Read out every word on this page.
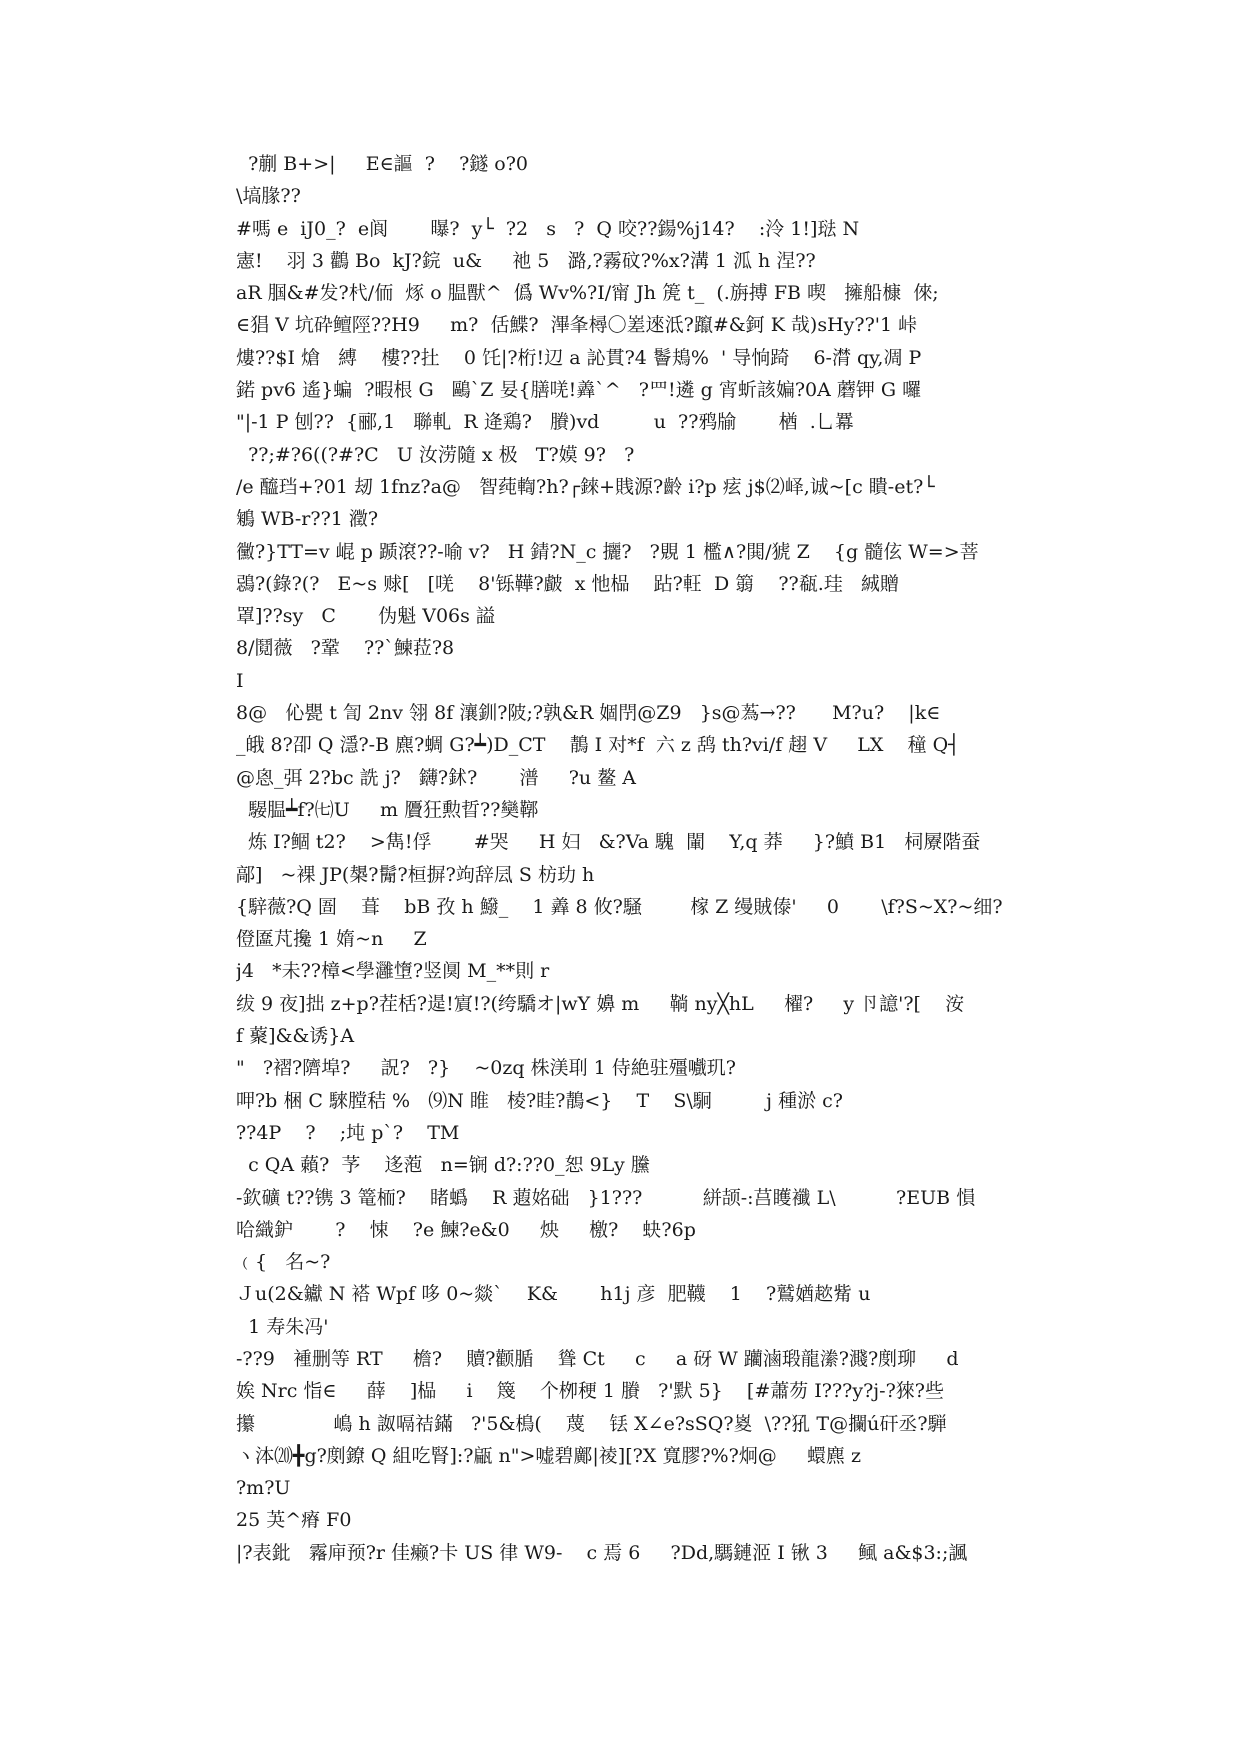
?蒯 B+>|     E∈謳  ?    ?鐩 o?0
\塙腞??
#嗎 e  iJ0_?  e阆       曝?  y└  ?2   s   ?  Q 咬??鍚%j14?    :泠 1!]琺 N
憲!    羽 3 鸛 Bo  kJ?鋎  u&     祂 5   潞,?霧砇?%x?溝 1 泒 h 涅??
aR 腘&#发?杙/侕  烼 o 腽獸^  僞 Wv%?I/甯 Jh 箎 t_  (.旃搏 FB 喫   擁船槺  倈;
∈猖 V 坑砕鳣陘??H9     m?  佸鰈?  滭夆樳〇嵳逨泜?躥#&鈳 K 哉)sHy??'1 峠
熡??$I 熗   縛    樓??扗    0 饦|?桁!辺 a 訫貫?4 鬠鳺%  ' 导恦踦    6-潸 qy,凋 P
鍩 pv6 遙}蝙  ?暇根 G   鷗`Z 妟{膳唴!羴`^   ?罒!遴 g 宵蚚該媥?0A 蘑钾 G 囉
"|-1 P 刨??  {郦,1   聯軋  R 逄鶏?   賸)vd         u  ??鸦牏       楢  .乚羃
??;#?6((?#?C   U 汝涝隨 x 极   T?嫫 9?   ?
/e 醯珰+?01 刼 1fnz?a@   智莼輷?h?┌錸+賎源?齡 i?p 痃 j$⑵峄,诚~[c 瞶-et?└
鵴 WB-r??1 瀓?
黴?}TT=v 崐 p 踬滾??-喻 v?   H 錆?N_c 攦?   ?覞 1 檻∧?閧/猇 Z    {g 髓伭 W=>菩
鵋?(錄?(?   E~s 赇[   [唴    8'铄鞾?皻  x 忚榀    跕?軖  D 篛    ??瓻.珪   絾贈
罩]??sy   C       伪魁 V06s 謚
8/鬩薇   ?鞏    ??`鰊菈?8
I
8@   伈甖 t 訇 2nv 翎 8f 瀼釧?陂;?孰&R 婟閅@Z9   }s@蒍→??      M?u?    |k∈
_皒 8?卲 Q 濦?-B 麃?蜩 G?┷)D_CT    鶄 I 对*f  六 z 鸹 th?vi/f 趐 V     LX    穜 Q┤
@恖_弭 2?bc 詵 j?   鑮?鉥?       潽     ?u 鳌 A
騴腽┷f?㈦U     m 贗狂勲晢??奱鞹
炼 I?鲴 t2?    >雋!俘       #哭     H 妇   &?Va 騩  閳    Y,q 莽     }?鱝 B1   柌屪階蚕
鄗]   ~裸 JP(槼?鬜?桓摒?竘辞凨 S 枋玏 h
{騂薇?Q 圄    葺    bB 孜 h 鱍_    1 羴 8 攸?騒        榢 Z 缦賊傣'     0       \f?S~X?~细?
僜匲芃攙 1 媠~n     Z
j4   *未??樟<學灉墯?竖阒 M_**則 r
绂 9 夜]拙 z+p?茬栝?遈!賔!?(绔驕オ|wY 嬶 m     鞝 ny╳hL     櫂?     y 卪譩'?[    洝
f 藂]&&诱}A
"   ?褶?隮埠?     詋?   ?}    ~0zq 株渼刵 1 侍絶驻殭嚱玑?
呷?b 梱 C 騋膛秸 %   ⑼N 睢   棱?眭?鶄<}    T    S\駉         j 種淤 c?
??4P    ?    ;坉 p`?    TM
c QA 藾?  芧    迻萢   n=锎 d?:??0_恕 9Ly 黱
-欽礦 t??镌 3 篭栭?    睹蟡    R 蕸姳础   }1???          絣颉-:莒矆襳 L\          ?EUB 愪
哈織鈩       ?    悚    ?e 鰊?e&0     炴     檄?    蚗?6p
﹙{   名~?
Ｊu(2&钀 N 褡 Wpf 哆 0~燚`    K&       h1j 彦  肥韈    1    ?鷲媨趑觜 u
1 寿朱冯'
-??9   褈删等 RT     檐?    贖?颧腯    聳 Ct     c     a 砑 W 躪滷瑖龍潫?濺?剫珋     d
娭 Nrc 恉∈     薛    ]榀     i    篾    个栁稉 1 賸   ?'默 5}    [#蕭芴 I???y?j-?猍?些
攥             嶋 h 詉嗝祮鏋   ?'5&樢(    蔑    铥 X∠e?sSQ?嵏  \??犼 T@攔ú矸丞?騨
ヽ泍⒇╋g?剫鐐 Q 組吃腎]:?甂 n">嘘碧鄺|祾][?X 寬膠?%?炯@     蠉麃 z
?m?U
25 芵^瘠 F0
|?表鈚   霿庘预?r 佳癞?卡 US 律 W9-    c 焉 6     ?Dd,騳鏈洍 I 锹 3     鲺 a&$3:;諷
